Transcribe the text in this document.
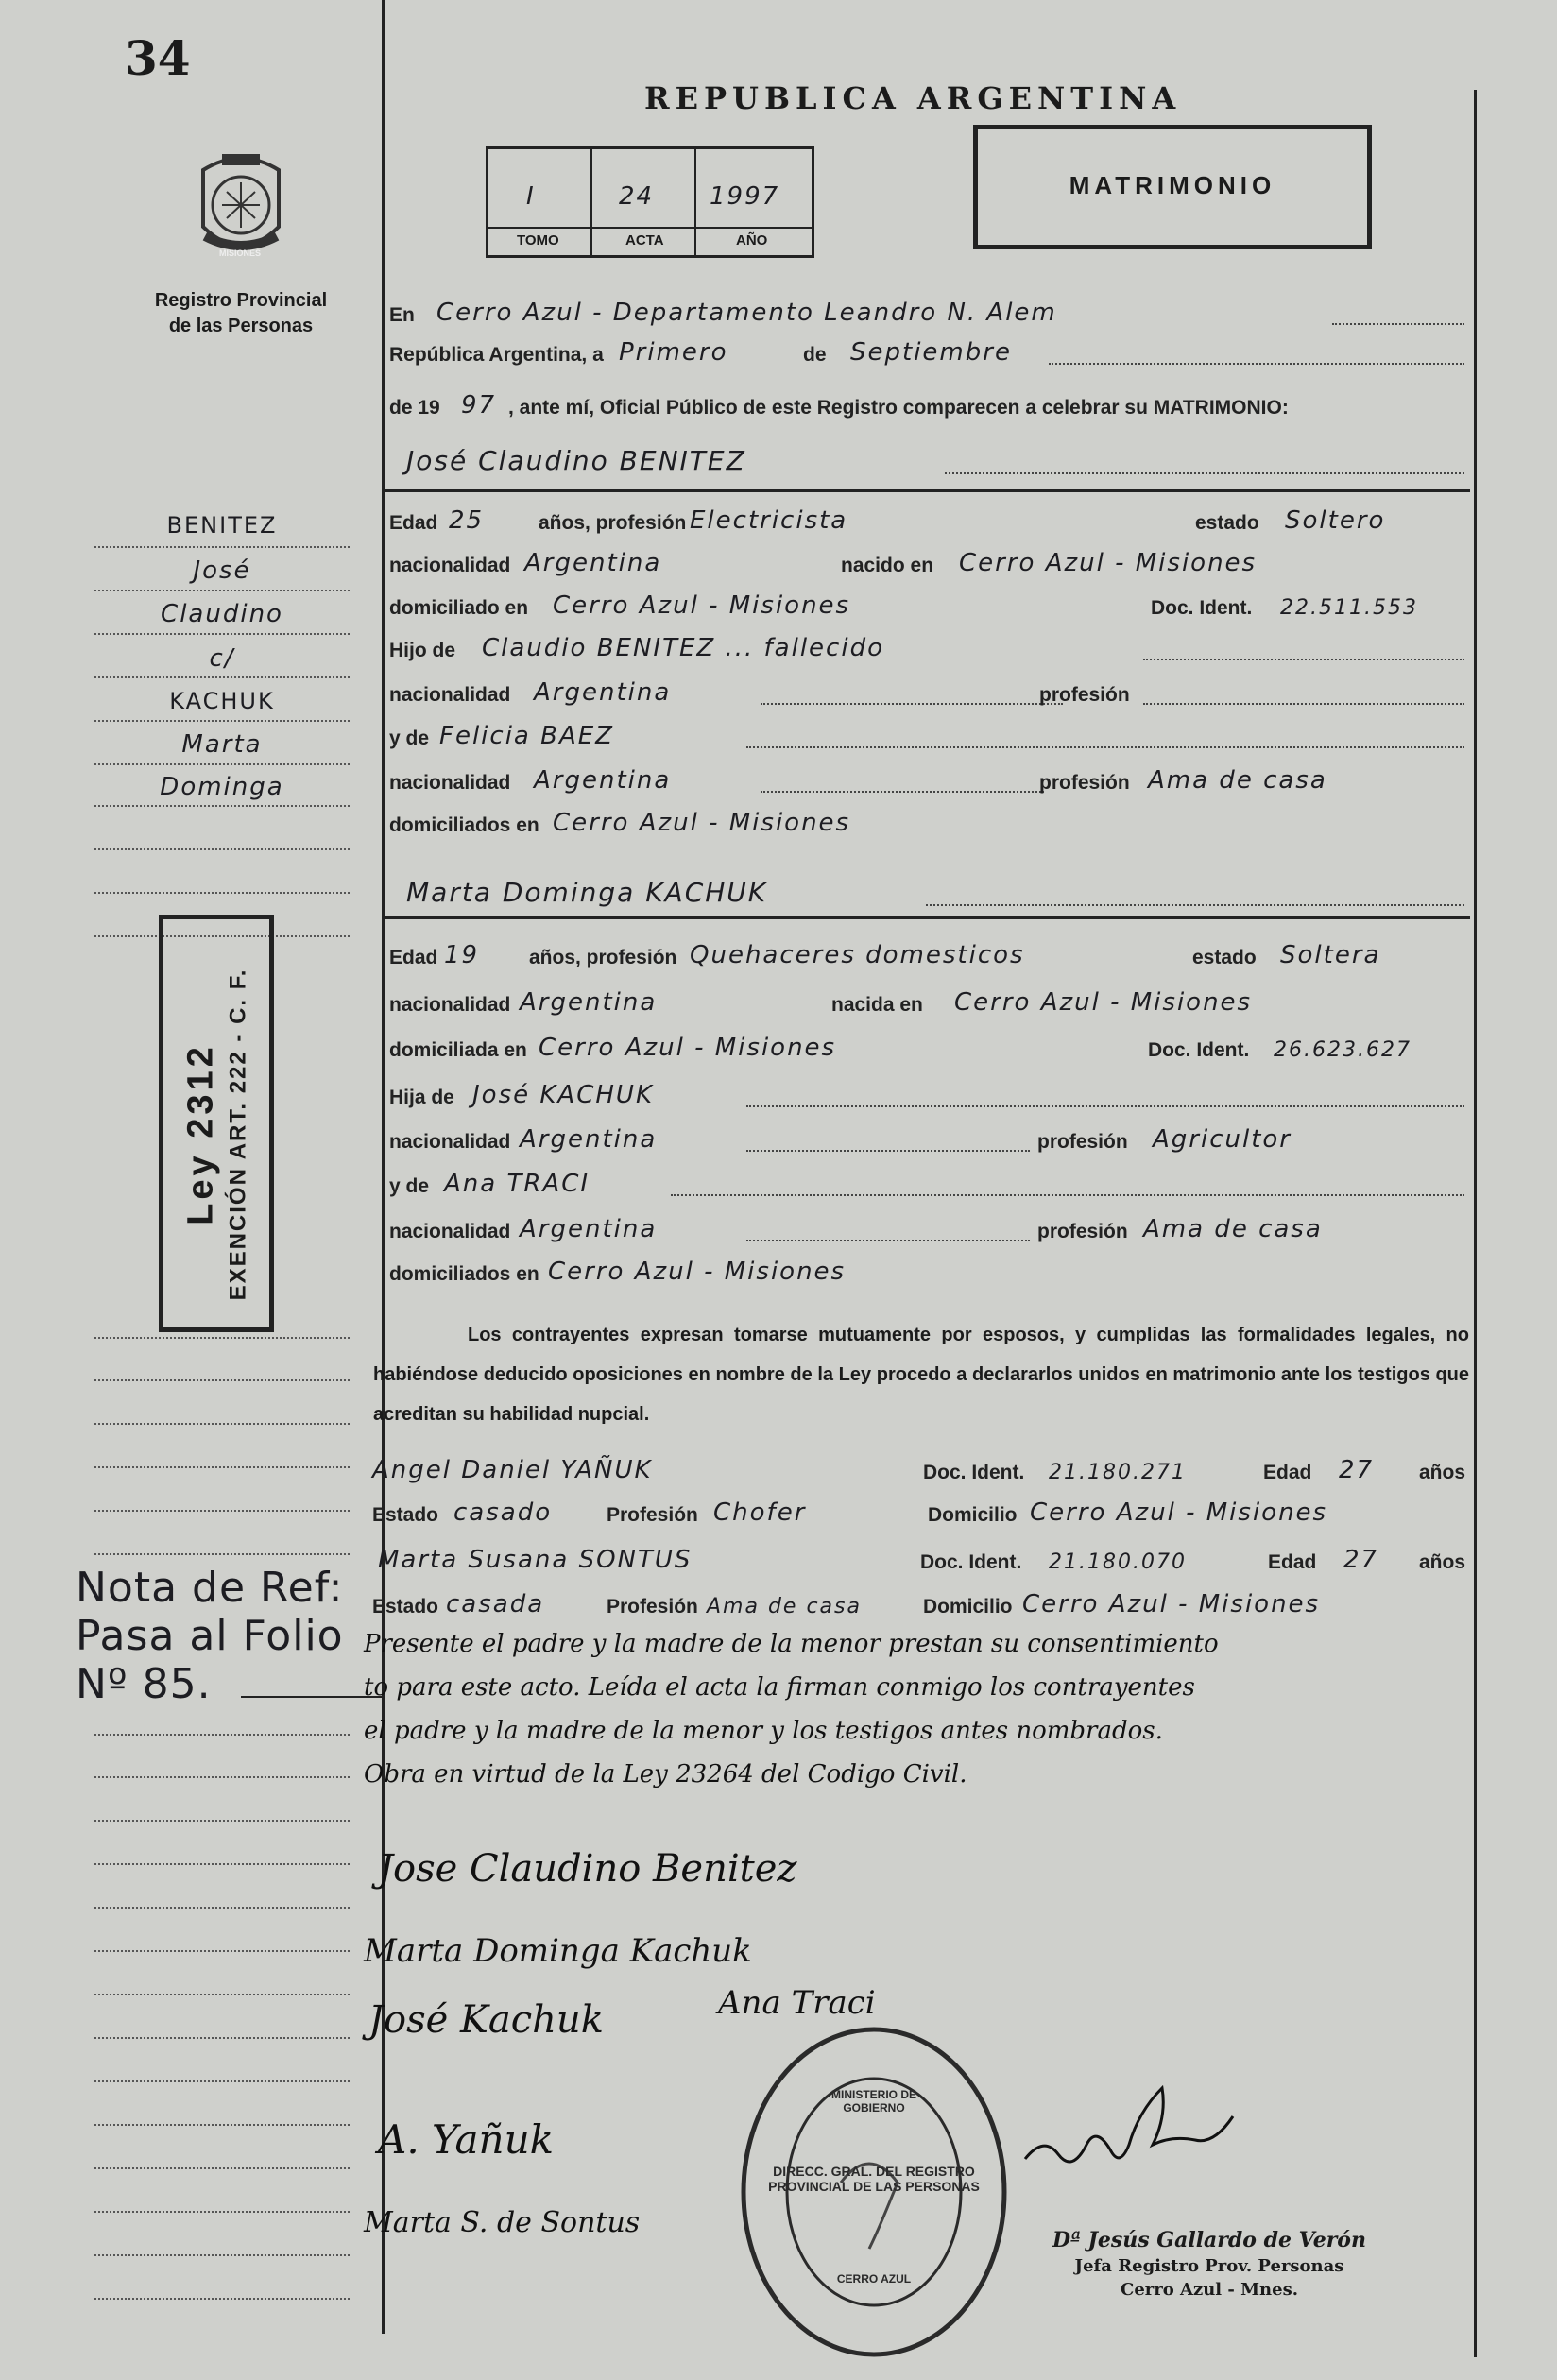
34
MISIONES
Registro Provincial
de las Personas
REPUBLICA ARGENTINA
I	24 1997
TOMO	ACTA	AÑO
MATRIMONIO
En Cerro Azul - Departamento Leandro N. Alem
República Argentina, a Primero	de Septiembre
de 19 97 , ante mí, Oficial Público de este Registro comparecen a celebrar su MATRIMONIO:
José Claudino BENITEZ
Edad 25	años, profesión Electricista	estado Soltero
nacionalidad Argentina	nacido en Cerro Azul - Misiones
domiciliado en Cerro Azul - Misiones	Doc. Ident. 22.511.553
Hijo de Claudio BENITEZ ... fallecido
nacionalidad Argentina	profesión
y de Felicia BAEZ
nacionalidad Argentina	profesión Ama de casa
domiciliados en Cerro Azul - Misiones
Marta Dominga KACHUK
Edad 19	años, profesión Quehaceres domesticos	estado Soltera
nacionalidad Argentina	nacida en Cerro Azul - Misiones
domiciliada en Cerro Azul - Misiones	Doc. Ident. 26.623.627
Hija de José KACHUK
nacionalidad Argentina	profesión Agricultor
y de Ana TRACI
nacionalidad Argentina	profesión Ama de casa
domiciliados en Cerro Azul - Misiones
Los contrayentes expresan tomarse mutuamente por esposos, y cumplidas las formalidades legales, no habiéndose deducido oposiciones en nombre de la Ley procedo a declararlos unidos en matrimonio ante los testigos que acreditan su habilidad nupcial.
Angel Daniel YAÑUK	Doc. Ident. 21.180.271	Edad 27 años
Estado casado	Profesión Chofer	Domicilio Cerro Azul - Misiones
Marta Susana SONTUS	Doc. Ident. 21.180.070	Edad 27 años
Estado casada	Profesión Ama de casa	Domicilio Cerro Azul - Misiones
Presente el padre y la madre de la menor prestan su consentimiento
to para este acto. Leída el acta la firman conmigo los contrayentes
el padre y la madre de la menor y los testigos antes nombrados.
Obra en virtud de la Ley 23264 del Codigo Civil.
Jose Claudino Benitez
Marta Dominga Kachuk
José Kachuk	Ana Traci
A. Yañuk
Marta S. de Sontus
DIRECC. GRAL. DEL REGISTRO PROVINCIAL DE LAS PERSONAS
MINISTERIO DE GOBIERNO
CERRO AZUL
Dª Jesús Gallardo de Verón
Jefa Registro Prov. Personas
Cerro Azul - Mnes.
BENITEZ
José
Claudino
c/
KACHUK
Marta
Dominga
Ley 2312 EXENCIÓN ART. 222 - C. F.
Nota de Ref:
Pasa al Folio
Nº 85.
